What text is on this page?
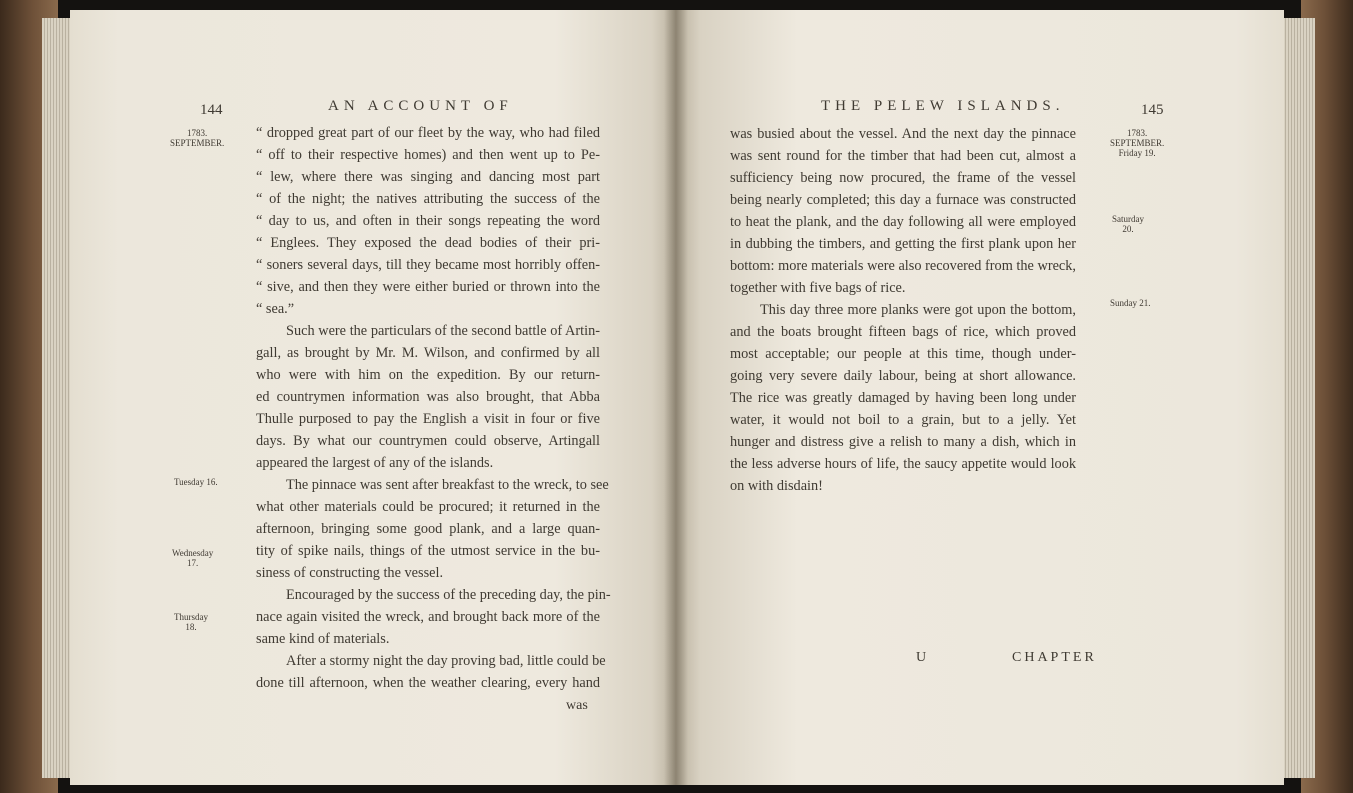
144	AN ACCOUNT OF
1783.
SEPTEMBER.
Tuesday 16.
Wednesday
17.
Thursday
18.
“ dropped great part of our fleet by the way, who had filed
“ off to their respective homes) and then went up to Pe-
“ lew, where there was singing and dancing most part
“ of the night; the natives attributing the success of the
“ day to us, and often in their songs repeating the word
“ Englees. They exposed the dead bodies of their pri-
“ soners several days, till they became most horribly offen-
“ sive, and then they were either buried or thrown into the
“ sea.”
Such were the particulars of the second battle of Artin-
gall, as brought by Mr. M. Wilson, and confirmed by all
who were with him on the expedition. By our return-
ed countrymen information was also brought, that Abba
Thulle purposed to pay the English a visit in four or five
days. By what our countrymen could observe, Artingall
appeared the largest of any of the islands.
The pinnace was sent after breakfast to the wreck, to see
what other materials could be procured; it returned in the
afternoon, bringing some good plank, and a large quan-
tity of spike nails, things of the utmost service in the bu-
siness of constructing the vessel.
Encouraged by the success of the preceding day, the pin-
nace again visited the wreck, and brought back more of the
same kind of materials.
After a stormy night the day proving bad, little could be
done till afternoon, when the weather clearing, every hand
was
THE PELEW ISLANDS.	145
1783.
SEPTEMBER.
Friday 19.
Saturday
20.
Sunday 21.
was busied about the vessel. And the next day the pinnace
was sent round for the timber that had been cut, almost a
sufficiency being now procured, the frame of the vessel
being nearly completed; this day a furnace was constructed
to heat the plank, and the day following all were employed
in dubbing the timbers, and getting the first plank upon her
bottom: more materials were also recovered from the wreck,
together with five bags of rice.
This day three more planks were got upon the bottom,
and the boats brought fifteen bags of rice, which proved
most acceptable; our people at this time, though under-
going very severe daily labour, being at short allowance.
The rice was greatly damaged by having been long under
water, it would not boil to a grain, but to a jelly. Yet
hunger and distress give a relish to many a dish, which in
the less adverse hours of life, the saucy appetite would look
on with disdain!
U	CHAPTER
